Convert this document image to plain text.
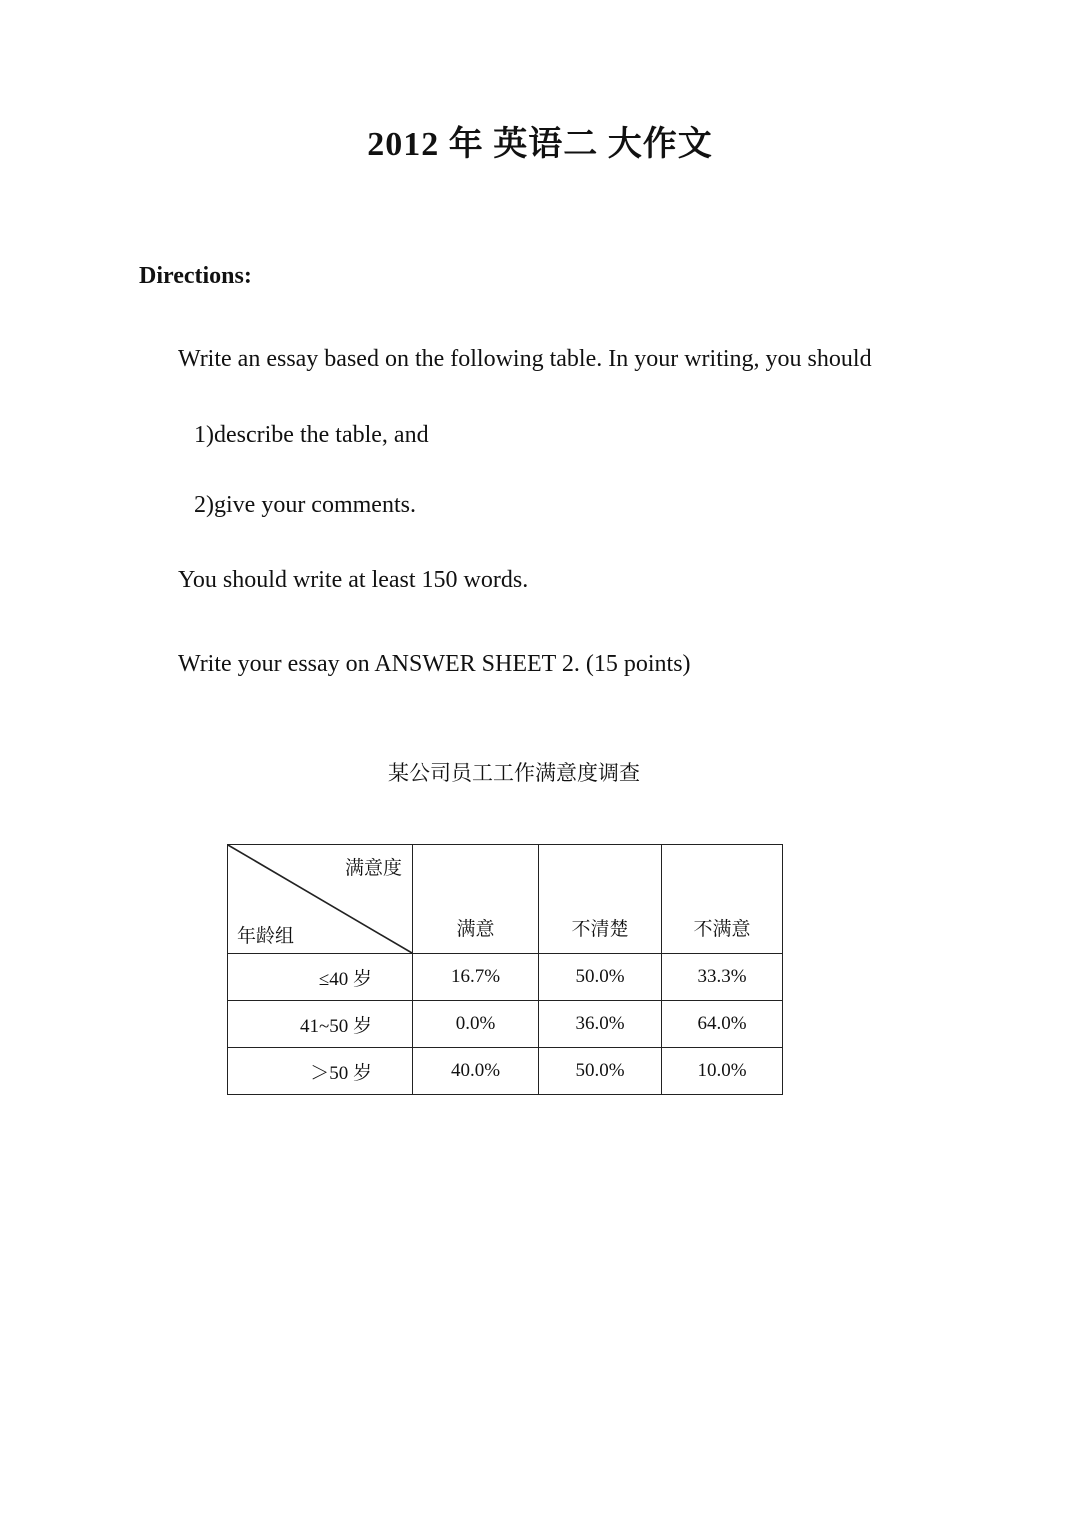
2012 年 英语二 大作文
Directions:
Write an essay based on the following table. In your writing, you should
1)describe the table, and
2)give your comments.
You should write at least 150 words.
Write your essay on ANSWER SHEET 2. (15 points)
某公司员工工作满意度调查
满意度
年龄组	满意	不清楚	不满意
≤40 岁	16.7%	50.0%	33.3%
41~50 岁	0.0%	36.0%	64.0%
＞50 岁	40.0%	50.0%	10.0%
